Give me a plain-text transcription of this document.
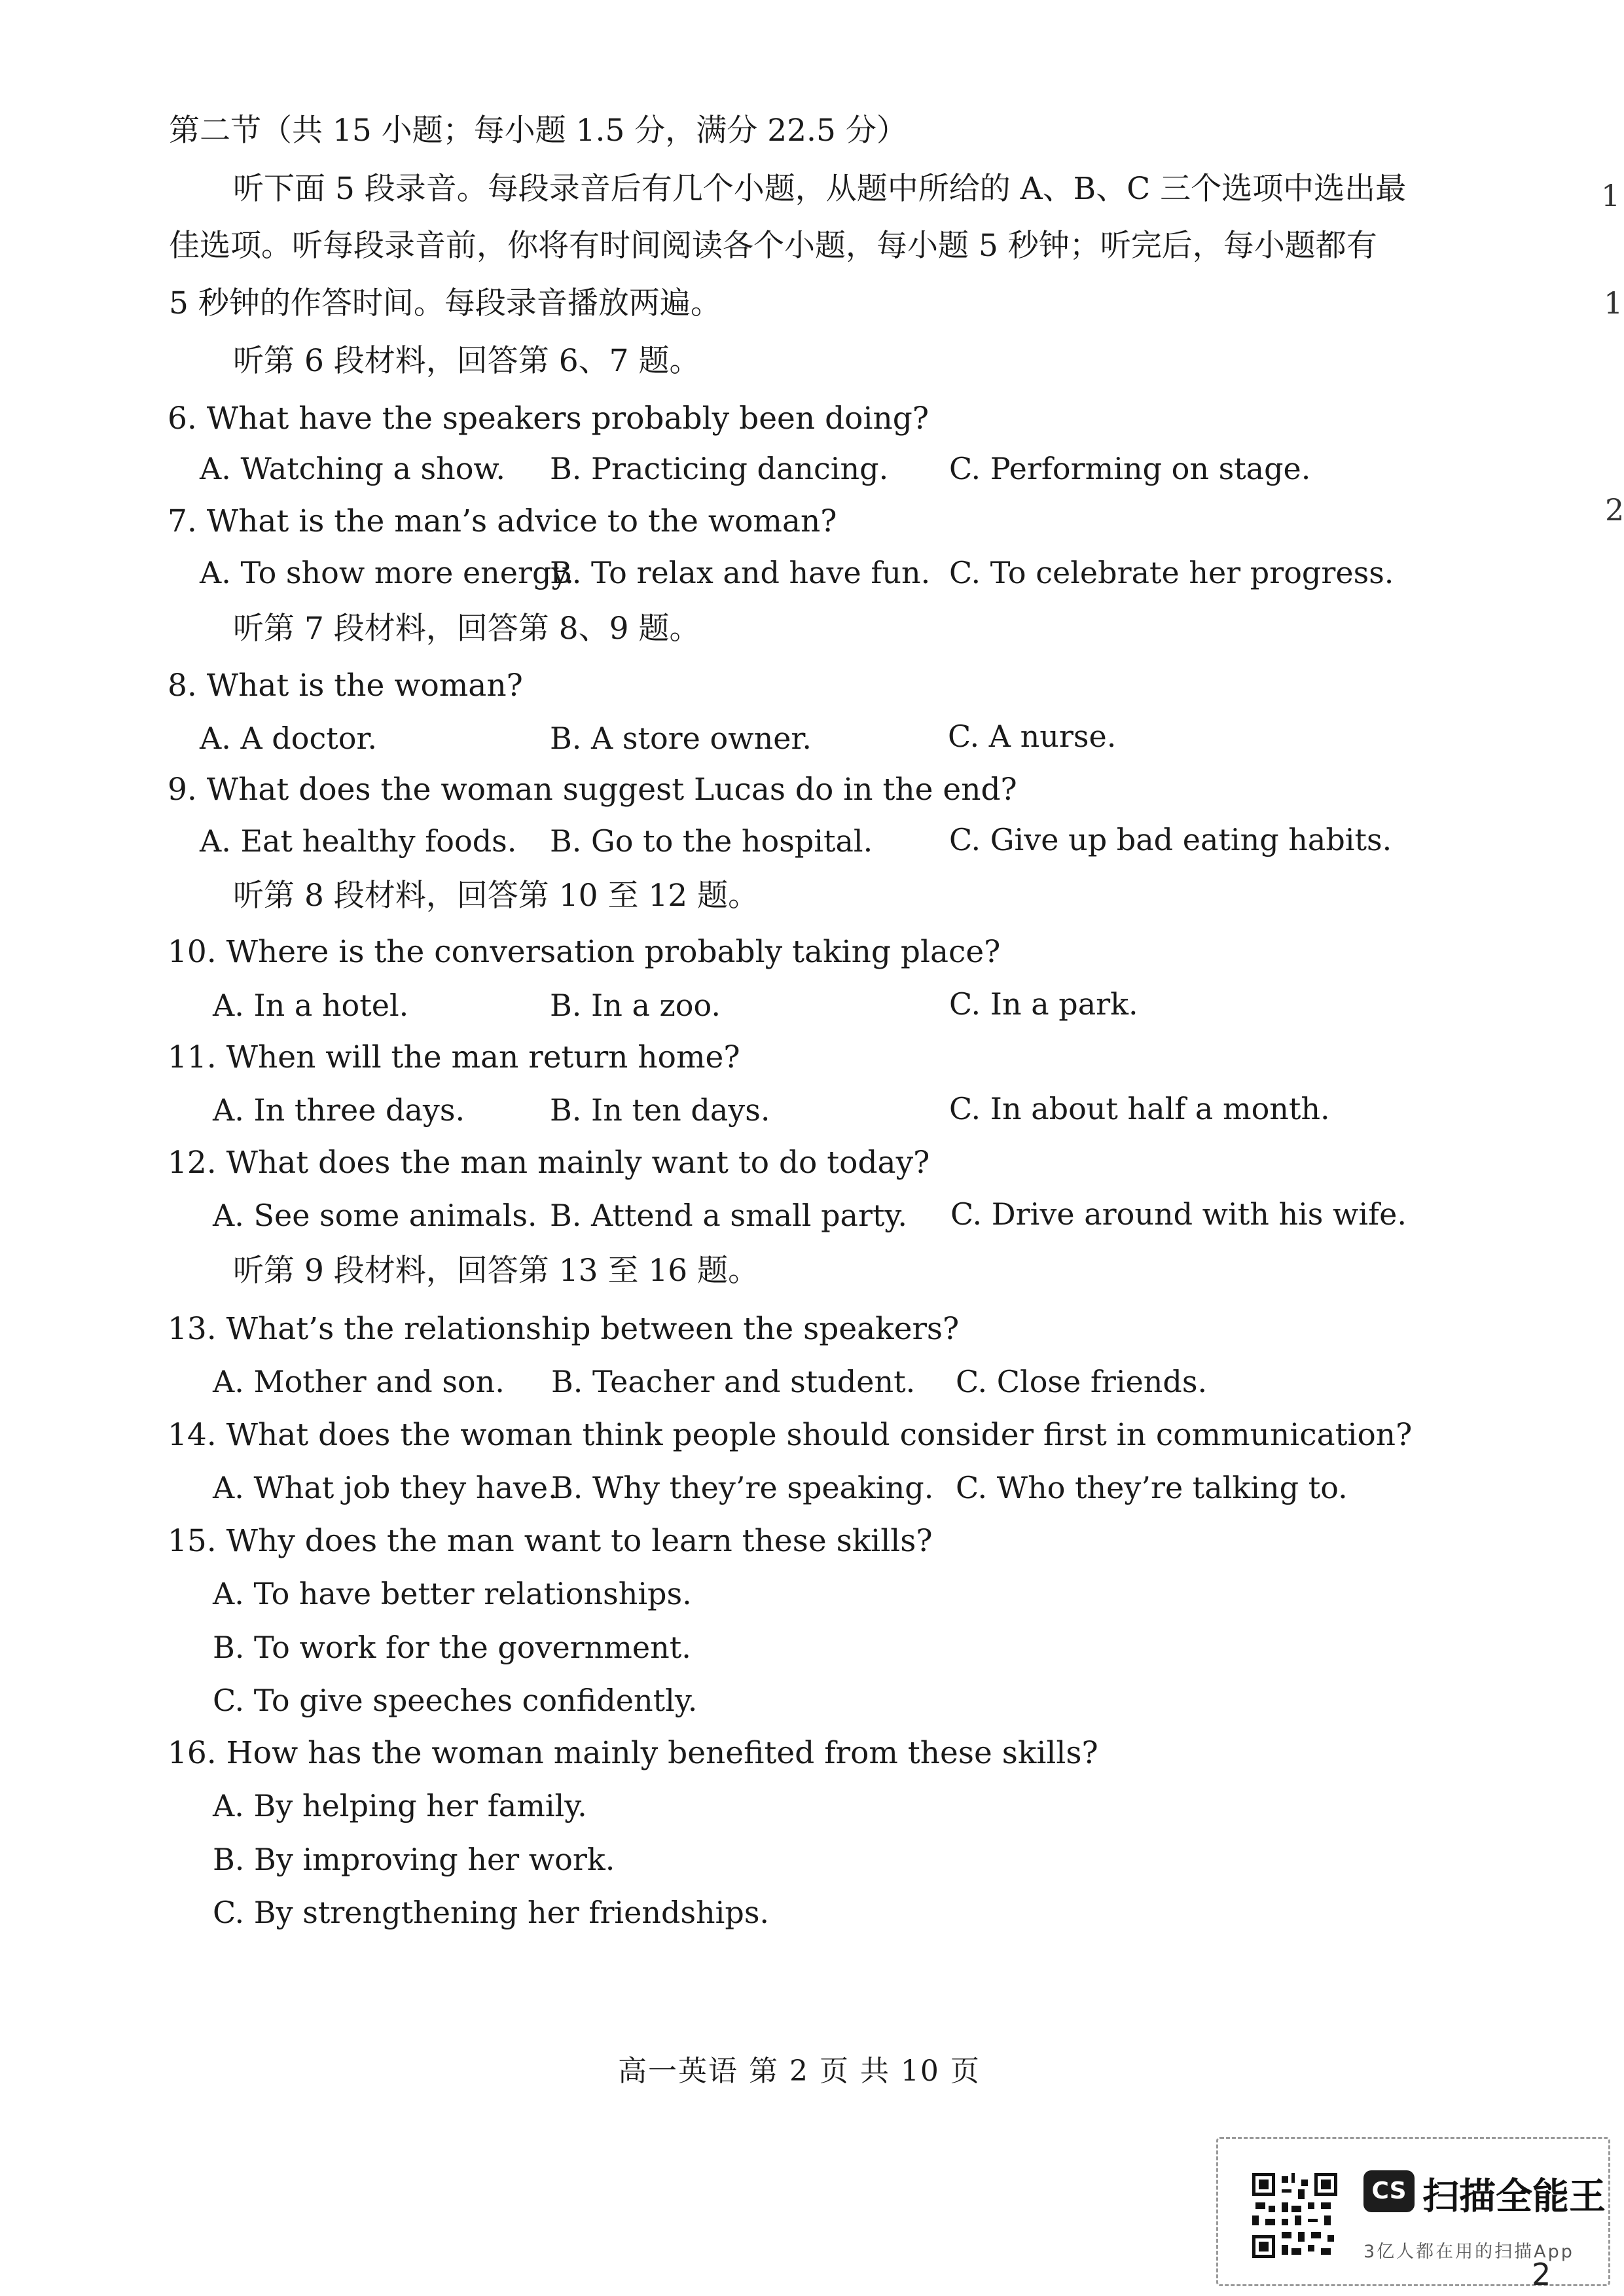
第二节（共 15 小题；每小题 1.5 分，满分 22.5 分）
听下面 5 段录音。每段录音后有几个小题，从题中所给的 A、B、C 三个选项中选出最
佳选项。听每段录音前，你将有时间阅读各个小题，每小题 5 秒钟；听完后，每小题都有
5 秒钟的作答时间。每段录音播放两遍。
听第 6 段材料，回答第 6、7 题。
6. What have the speakers probably been doing?
A. Watching a show. B. Practicing dancing. C. Performing on stage.
7. What is the man’s advice to the woman?
A. To show more energy.
B. To relax and have fun. C. To celebrate her progress.
听第 7 段材料，回答第 8、9 题。
8. What is the woman?
A. A doctor.	B. A store owner.	C. A nurse.
9. What does the woman suggest Lucas do in the end?
A. Eat healthy foods. B. Go to the hospital.	C. Give up bad eating habits.
听第 8 段材料，回答第 10 至 12 题。
10. Where is the conversation probably taking place?
A. In a hotel.	B. In a zoo.	C. In a park.
11. When will the man return home?
A. In three days.	B. In ten days.	C. In about half a month.
12. What does the man mainly want to do today?
A. See some animals. B. Attend a small party. C. Drive around with his wife.
听第 9 段材料，回答第 13 至 16 题。
13. What’s the relationship between the speakers?
A. Mother and son. B. Teacher and student. C. Close friends.
14. What does the woman think people should consider first in communication?
A. What job they have.
B. Why they’re speaking. C. Who they’re talking to.
15. Why does the man want to learn these skills?
A. To have better relationships.
B. To work for the government.
C. To give speeches confidently.
16. How has the woman mainly benefited from these skills?
A. By helping her family.
B. By improving her work.
C. By strengthening her friendships.
1
1
2
高一英语 第 2 页 共 10 页
CS 扫描全能王
3亿人都在用的扫描App
2
